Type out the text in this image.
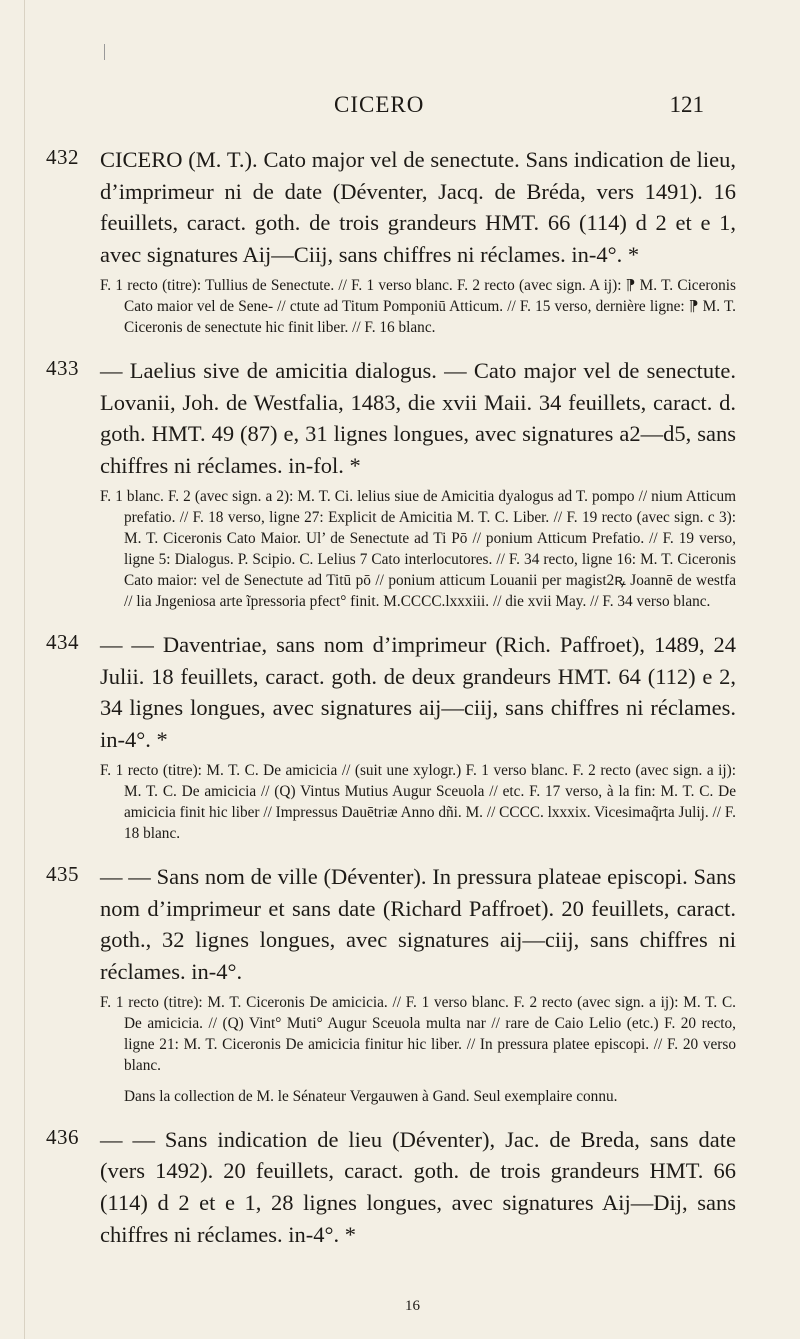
CICERO	121
432 CICERO (M. T.). Cato major vel de senectute. Sans indication de lieu, d’imprimeur ni de date (Déventer, Jacq. de Bréda, vers 1491). 16 feuillets, caract. goth. de trois grandeurs HMT. 66 (114) d 2 et e 1, avec signatures Aij—Ciij, sans chiffres ni réclames. in-4°. *
F. 1 recto (titre): Tullius de Senectute. // F. 1 verso blanc. F. 2 recto (avec sign. A ij): ⁋ M. T. Ciceronis Cato maior vel de Sene- // ctute ad Titum Pomponiū Atticum. // F. 15 verso, dernière ligne: ⁋ M. T. Ciceronis de senectute hic finit liber. // F. 16 blanc.
433 — Laelius sive de amicitia dialogus. — Cato major vel de senectute. Lovanii, Joh. de Westfalia, 1483, die xvii Maii. 34 feuillets, caract. d. goth. HMT. 49 (87) e, 31 lignes longues, avec signatures a2—d5, sans chiffres ni réclames. in-fol. *
F. 1 blanc. F. 2 (avec sign. a 2): M. T. Ci. lelius siue de Amicitia dyalogus ad T. pompo // nium Atticum prefatio. // F. 18 verso, ligne 27: Explicit de Amicitia M. T. C. Liber. // F. 19 recto (avec sign. c 3): M. T. Ciceronis Cato Maior. Ul’ de Senectute ad Ti Pō // ponium Atticum Prefatio. // F. 19 verso, ligne 5: Dialogus. P. Scipio. C. Lelius 7 Cato interlocutores. // F. 34 recto, ligne 16: M. T. Ciceronis Cato maior: vel de Senectute ad Titū pō // ponium atticum Louanii per magist2ꝶ Joannē de westfa // lia Jngeniosa arte ĩpressoria pfect° finit. M.CCCC.lxxxiii. // die xvii May. // F. 34 verso blanc.
434 — — Daventriae, sans nom d’imprimeur (Rich. Paffroet), 1489, 24 Julii. 18 feuillets, caract. goth. de deux grandeurs HMT. 64 (112) e 2, 34 lignes longues, avec signatures aij—ciij, sans chiffres ni réclames. in-4°. *
F. 1 recto (titre): M. T. C. De amicicia // (suit une xylogr.) F. 1 verso blanc. F. 2 recto (avec sign. a ij): M. T. C. De amicicia // (Q) Vintus Mutius Augur Sceuola // etc. F. 17 verso, à la fin: M. T. C. De amicicia finit hic liber // Impressus Dauētriæ Anno dñi. M. // CCCC. lxxxix. Vicesimaq̃rta Julij. // F. 18 blanc.
435 — — Sans nom de ville (Déventer). In pressura plateae episcopi. Sans nom d’imprimeur et sans date (Richard Paffroet). 20 feuillets, caract. goth., 32 lignes longues, avec signatures aij—ciij, sans chiffres ni réclames. in-4°.
F. 1 recto (titre): M. T. Ciceronis De amicicia. // F. 1 verso blanc. F. 2 recto (avec sign. a ij): M. T. C. De amicicia. // (Q) Vint° Muti° Augur Sceuola multa nar // rare de Caio Lelio (etc.) F. 20 recto, ligne 21: M. T. Ciceronis De amicicia finitur hic liber. // In pressura platee episcopi. // F. 20 verso blanc.
Dans la collection de M. le Sénateur Vergauwen à Gand. Seul exemplaire connu.
436 — — Sans indication de lieu (Déventer), Jac. de Breda, sans date (vers 1492). 20 feuillets, caract. goth. de trois grandeurs HMT. 66 (114) d 2 et e 1, 28 lignes longues, avec signatures Aij—Dij, sans chiffres ni réclames. in-4°. *
16
